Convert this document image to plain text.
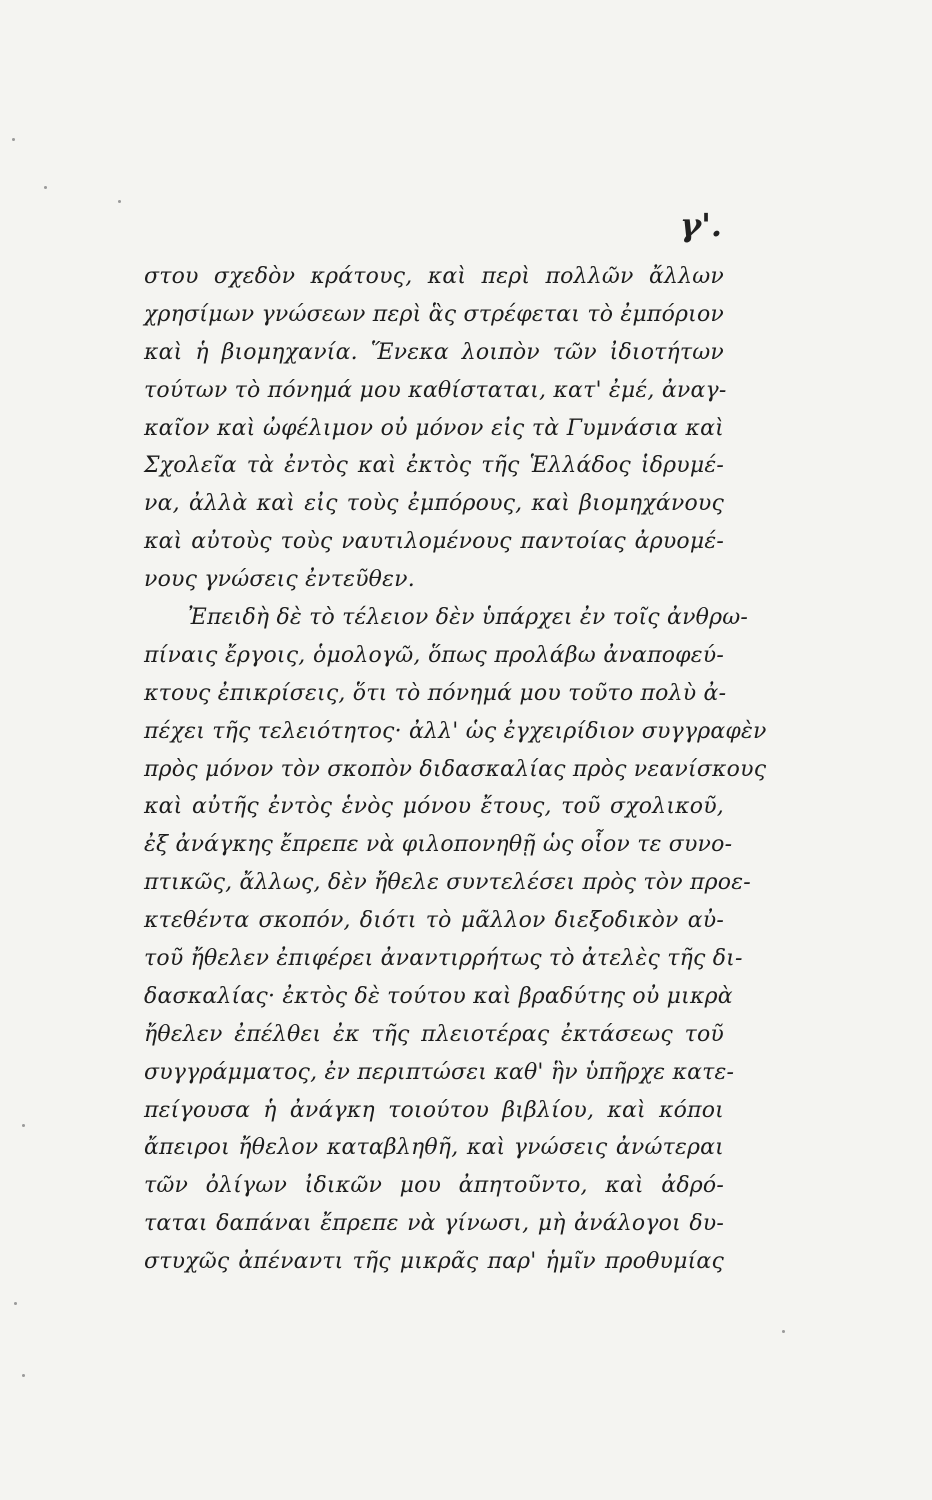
γ'.
στου σχεδὸν κράτους, καὶ περὶ πολλῶν ἄλλων
χρησίμων γνώσεων περὶ ἃς στρέφεται τὸ ἐμπόριον
καὶ ἡ βιομηχανία. Ἕνεκα λοιπὸν τῶν ἰδιοτήτων
τούτων τὸ πόνημά μου καθίσταται, κατ' ἐμέ, ἀναγ-
καῖον καὶ ὠφέλιμον οὐ μόνον εἰς τὰ Γυμνάσια καὶ
Σχολεῖα τὰ ἐντὸς καὶ ἐκτὸς τῆς Ἑλλάδος ἱδρυμέ-
να, ἀλλὰ καὶ εἰς τοὺς ἐμπόρους, καὶ βιομηχάνους
καὶ αὐτοὺς τοὺς ναυτιλομένους παντοίας ἀρυομέ-
νους γνώσεις ἐντεῦθεν.
Ἐπειδὴ δὲ τὸ τέλειον δὲν ὑπάρχει ἐν τοῖς ἀνθρω-
πίναις ἔργοις, ὁμολογῶ, ὅπως προλάβω ἀναποφεύ-
κτους ἐπικρίσεις, ὅτι τὸ πόνημά μου τοῦτο πολὺ ἀ-
πέχει τῆς τελειότητος· ἀλλ' ὡς ἐγχειρίδιον συγγραφὲν
πρὸς μόνον τὸν σκοπὸν διδασκαλίας πρὸς νεανίσκους
καὶ αὐτῆς ἐντὸς ἑνὸς μόνου ἔτους, τοῦ σχολικοῦ,
ἐξ ἀνάγκης ἔπρεπε νὰ φιλοπονηθῇ ὡς οἷον τε συνο-
πτικῶς, ἄλλως, δὲν ἤθελε συντελέσει πρὸς τὸν προε-
κτεθέντα σκοπόν, διότι τὸ μᾶλλον διεξοδικὸν αὐ-
τοῦ ἤθελεν ἐπιφέρει ἀναντιρρήτως τὸ ἀτελὲς τῆς δι-
δασκαλίας· ἐκτὸς δὲ τούτου καὶ βραδύτης οὐ μικρὰ
ἤθελεν ἐπέλθει ἐκ τῆς πλειοτέρας ἐκτάσεως τοῦ
συγγράμματος, ἐν περιπτώσει καθ' ἣν ὑπῆρχε κατε-
πείγουσα ἡ ἀνάγκη τοιούτου βιβλίου, καὶ κόποι
ἄπειροι ἤθελον καταβληθῆ, καὶ γνώσεις ἀνώτεραι
τῶν ὀλίγων ἰδικῶν μου ἀπητοῦντο, καὶ ἀδρό-
ταται δαπάναι ἔπρεπε νὰ γίνωσι, μὴ ἀνάλογοι δυ-
στυχῶς ἀπέναντι τῆς μικρᾶς παρ' ἡμῖν προθυμίας
